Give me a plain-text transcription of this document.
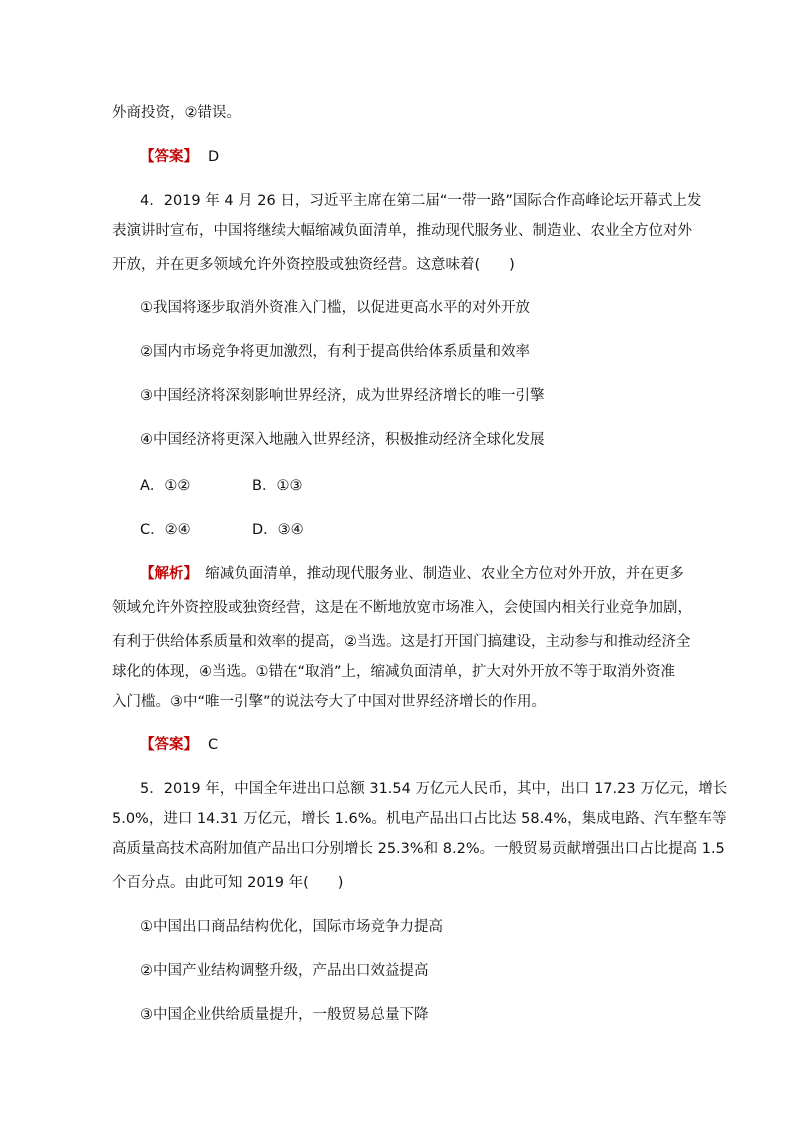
外商投资，②错误。
【答案】 D
4．2019 年 4 月 26 日，习近平主席在第二届“一带一路”国际合作高峰论坛开幕式上发
表演讲时宣布，中国将继续大幅缩减负面清单，推动现代服务业、制造业、农业全方位对外
开放，并在更多领域允许外资控股或独资经营。这意味着(　　)
①我国将逐步取消外资准入门槛，以促进更高水平的对外开放
②国内市场竞争将更加激烈，有利于提高供给体系质量和效率
③中国经济将深刻影响世界经济，成为世界经济增长的唯一引擎
④中国经济将更深入地融入世界经济，积极推动经济全球化发展
A．①②	B．①③
C．②④	D．③④
【解析】　缩减负面清单，推动现代服务业、制造业、农业全方位对外开放，并在更多
领域允许外资控股或独资经营，这是在不断地放宽市场准入，会使国内相关行业竞争加剧，
有利于供给体系质量和效率的提高，②当选。这是打开国门搞建设，主动参与和推动经济全
球化的体现，④当选。①错在“取消”上，缩减负面清单，扩大对外开放不等于取消外资准
入门槛。③中“唯一引擎”的说法夸大了中国对世界经济增长的作用。
【答案】 C
5．2019 年，中国全年进出口总额 31.54 万亿元人民币，其中，出口 17.23 万亿元，增长
5.0%，进口 14.31 万亿元，增长 1.6%。机电产品出口占比达 58.4%，集成电路、汽车整车等
高质量高技术高附加值产品出口分别增长 25.3%和 8.2%。一般贸易贡献增强出口占比提高 1.5
个百分点。由此可知 2019 年(　　)
①中国出口商品结构优化，国际市场竞争力提高
②中国产业结构调整升级，产品出口效益提高
③中国企业供给质量提升，一般贸易总量下降
